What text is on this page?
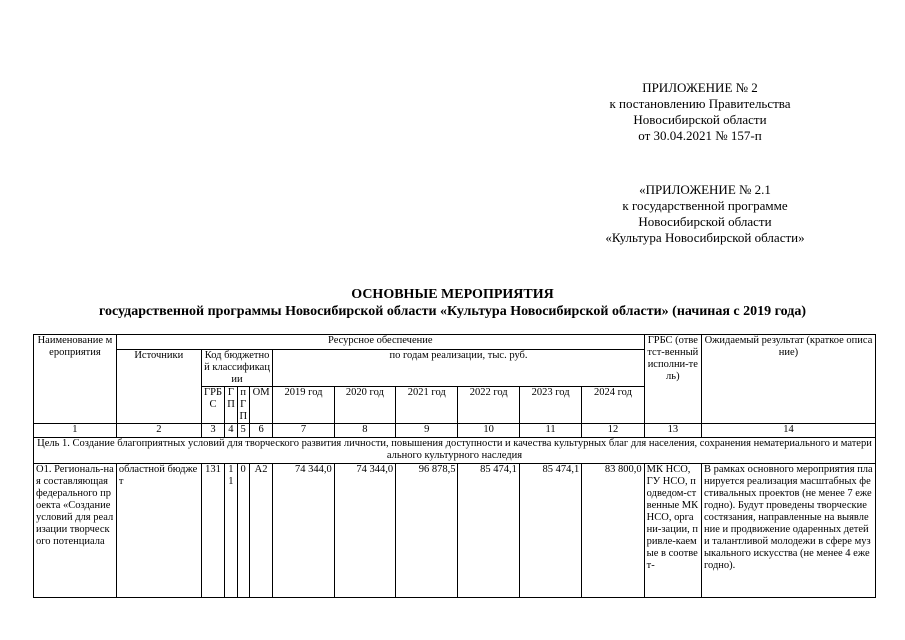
ПРИЛОЖЕНИЕ № 2
к постановлению Правительства
Новосибирской области
от 30.04.2021 № 157-п
«ПРИЛОЖЕНИЕ № 2.1
к государственной программе
Новосибирской области
«Культура Новосибирской области»
ОСНОВНЫЕ МЕРОПРИЯТИЯ
государственной программы Новосибирской области «Культура Новосибирской области» (начиная с 2019 года)
Наименование мероприятия	Ресурсное обеспечение											ГРБС (ответст-венный исполни-тель)	Ожидаемый результат (краткое описание)
	Источники	Код бюджетной классификации				по годам реализации, тыс. руб.							
		ГРБ С	Г П	пГ П	ОМ	2019 год	2020 год	2021 год	2022 год	2023 год	2024 год		
1	2	3	4	5	6	7	8	9	10	11	12	13	14
Цель 1. Создание благоприятных условий для творческого развития личности, повышения доступности и качества культурных благ для населения, сохранения нематериального и материального культурного наследия													
О1. Региональ-ная составляющая федерального проекта «Создание условий для реализации творческого потенциала	областной бюджет	131	11	0	А2	74 344,0	74 344,0	96 878,5	85 474,1	85 474,1	83 800,0	МК НСО, ГУ НСО, подведом-ственные МК НСО, органи-зации, привле-каемые в соответ-	В рамках основного мероприятия планируется реализация масштабных фестивальных проектов (не менее 7 ежегодно). Будут проведены творческие состязания, направленные на выявление и продвижение одаренных детей и талантливой молодежи в сфере музыкального искусства (не менее 4 ежегодно).
